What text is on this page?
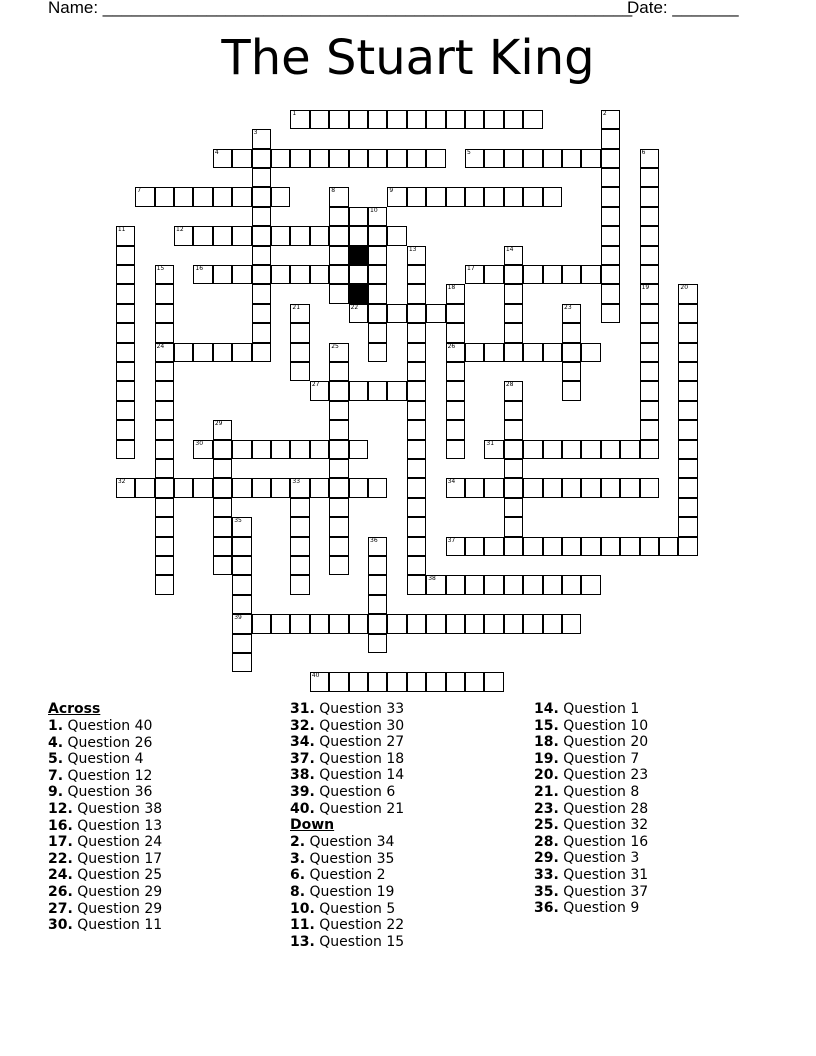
Name: ________________________________________________________
Date: _______
The Stuart King
1
4	5
7	9
12
16	17
22
24	26
27
30	31
32	33	34
37
38
39
40
2
3
6
8
10
11
13	14
15
18	19	20
21	23
25
28
29
35
36
Across
1. Question 40
4. Question 26
5. Question 4
7. Question 12
9. Question 36
12. Question 38
16. Question 13
17. Question 24
22. Question 17
24. Question 25
26. Question 29
27. Question 29
30. Question 11
31. Question 33
32. Question 30
34. Question 27
37. Question 18
38. Question 14
39. Question 6
40. Question 21
Down
2. Question 34
3. Question 35
6. Question 2
8. Question 19
10. Question 5
11. Question 22
13. Question 15
14. Question 1
15. Question 10
18. Question 20
19. Question 7
20. Question 23
21. Question 8
23. Question 28
25. Question 32
28. Question 16
29. Question 3
33. Question 31
35. Question 37
36. Question 9
